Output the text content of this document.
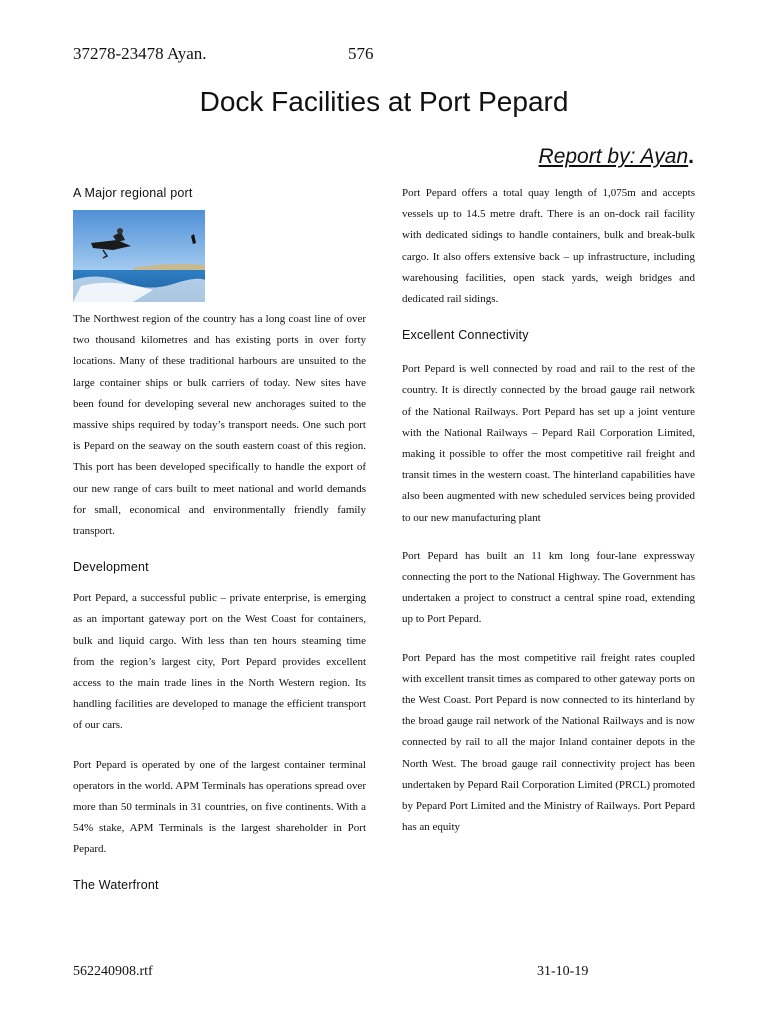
37278-23478 Ayan.	576
Dock Facilities at Port Pepard
Report by: Ayan.
A Major regional port

The Northwest region of the country has a long coast line of over two thousand kilometres and has existing ports in over forty locations. Many of these traditional harbours are unsuited to the large container ships or bulk carriers of today. New sites have been found for developing several new anchorages suited to the massive ships required by today’s transport needs. One such port is Pepard on the seaway on the south eastern coast of this region. This port has been developed specifically to handle the export of our new range of cars built to meet national and world demands for small, economical and environmentally friendly family transport.

Development

Port Pepard, a successful public – private enterprise, is emerging as an important gateway port on the West Coast for containers, bulk and liquid cargo. With less than ten hours steaming time from the region’s largest city, Port Pepard provides excellent access to the main trade lines in the North Western region. Its handling facilities are developed to manage the efficient transport of our cars.

Port Pepard is operated by one of the largest container terminal operators in the world. APM Terminals has operations spread over more than 50 terminals in 31 countries, on five continents. With a 54% stake, APM Terminals is the largest shareholder in Port Pepard.

The Waterfront

Port Pepard offers a total quay length of 1,075m and accepts vessels up to 14.5 metre draft. There is an on-dock rail facility with dedicated sidings to handle containers, bulk and break-bulk cargo. It also offers extensive back – up infrastructure, including warehousing facilities, open stack yards, weigh bridges and dedicated rail sidings.

Excellent Connectivity

Port Pepard is well connected by road and rail to the rest of the country. It is directly connected by the broad gauge rail network of the National Railways. Port Pepard has set up a joint venture with the National Railways – Pepard Rail Corporation Limited, making it possible to offer the most competitive rail freight and transit times in the western coast. The hinterland capabilities have also been augmented with new scheduled services being provided to our new manufacturing plant

Port Pepard has built an 11 km long four-lane expressway connecting the port to the National Highway. The Government has undertaken a project to construct a central spine road, extending up to Port Pepard.

Port Pepard has the most competitive rail freight rates coupled with excellent transit times as compared to other gateway ports on the West Coast. Port Pepard is now connected to its hinterland by the broad gauge rail network of the National Railways and is now connected by rail to all the major Inland container depots in the North West. The broad gauge rail connectivity project has been undertaken by Pepard Rail Corporation Limited (PRCL) promoted by Pepard Port Limited and the Ministry of Railways. Port Pepard has an equity

562240908.rtf	31-10-19
